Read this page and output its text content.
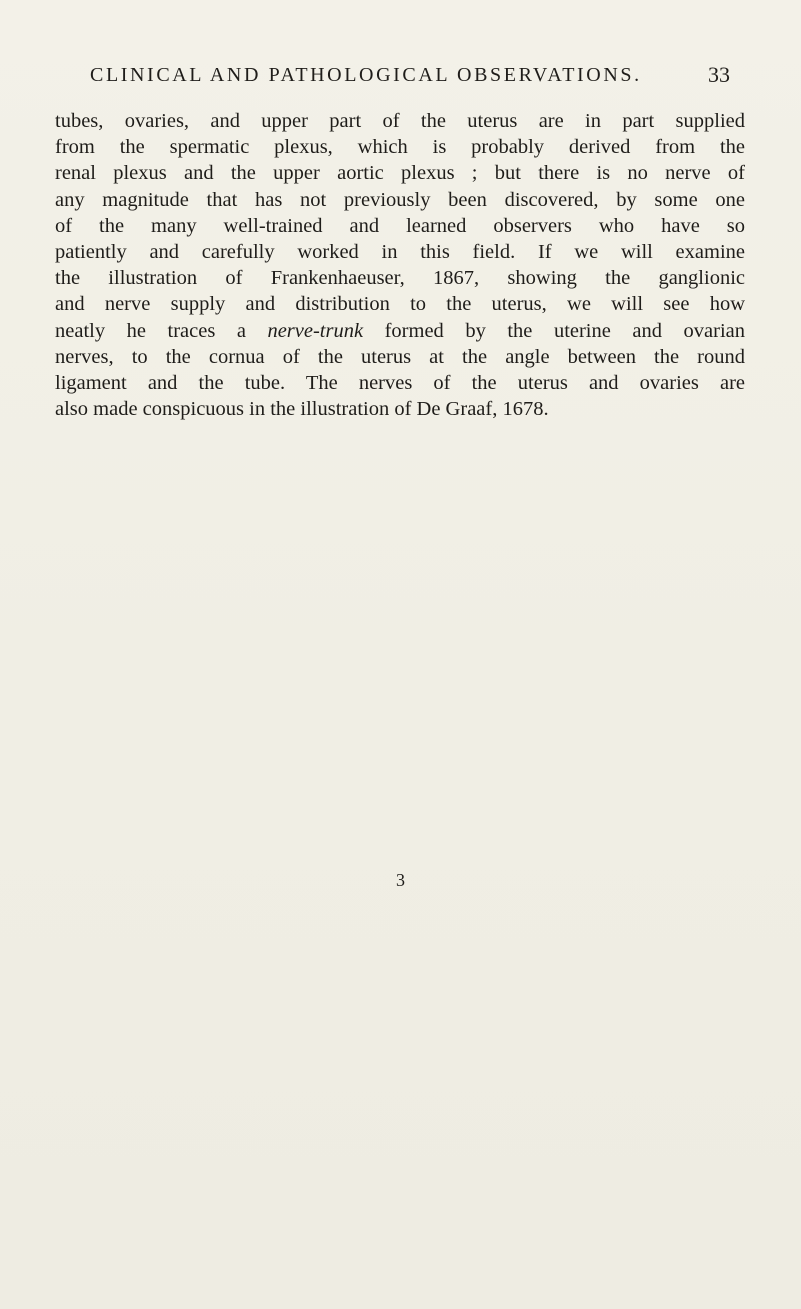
CLINICAL AND PATHOLOGICAL OBSERVATIONS.	33
tubes, ovaries, and upper part of the uterus are in part supplied
from the spermatic plexus, which is probably derived from the
renal plexus and the upper aortic plexus ; but there is no nerve of
any magnitude that has not previously been discovered, by some one
of the many well-trained and learned observers who have so
patiently and carefully worked in this field. If we will examine
the illustration of Frankenhaeuser, 1867, showing the ganglionic
and nerve supply and distribution to the uterus, we will see how
neatly he traces a nerve-trunk formed by the uterine and ovarian
nerves, to the cornua of the uterus at the angle between the round
ligament and the tube. The nerves of the uterus and ovaries are
also made conspicuous in the illustration of De Graaf, 1678.
3
